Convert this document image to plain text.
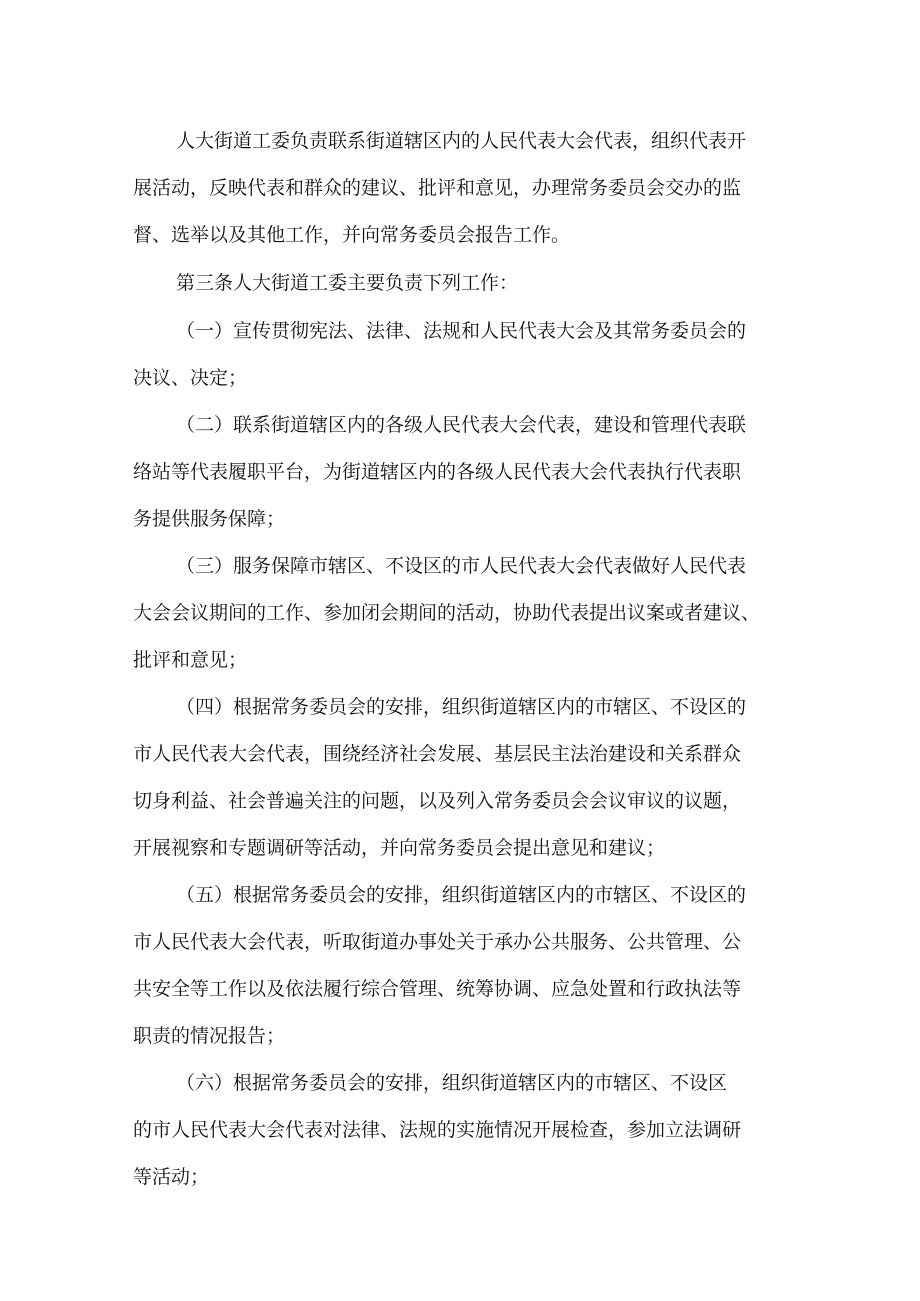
人大街道工委负责联系街道辖区内的人民代表大会代表，组织代表开
展活动，反映代表和群众的建议、批评和意见，办理常务委员会交办的监
督、选举以及其他工作，并向常务委员会报告工作。
第三条人大街道工委主要负责下列工作：
（一）宣传贯彻宪法、法律、法规和人民代表大会及其常务委员会的
决议、决定；
（二）联系街道辖区内的各级人民代表大会代表，建设和管理代表联
络站等代表履职平台，为街道辖区内的各级人民代表大会代表执行代表职
务提供服务保障；
（三）服务保障市辖区、不设区的市人民代表大会代表做好人民代表
大会会议期间的工作、参加闭会期间的活动，协助代表提出议案或者建议、
批评和意见；
（四）根据常务委员会的安排，组织街道辖区内的市辖区、不设区的
市人民代表大会代表，围绕经济社会发展、基层民主法治建设和关系群众
切身利益、社会普遍关注的问题，以及列入常务委员会会议审议的议题，
开展视察和专题调研等活动，并向常务委员会提出意见和建议；
（五）根据常务委员会的安排，组织街道辖区内的市辖区、不设区的
市人民代表大会代表，听取街道办事处关于承办公共服务、公共管理、公
共安全等工作以及依法履行综合管理、统筹协调、应急处置和行政执法等
职责的情况报告；
（六）根据常务委员会的安排，组织街道辖区内的市辖区、不设区
的市人民代表大会代表对法律、法规的实施情况开展检查，参加立法调研
等活动；
